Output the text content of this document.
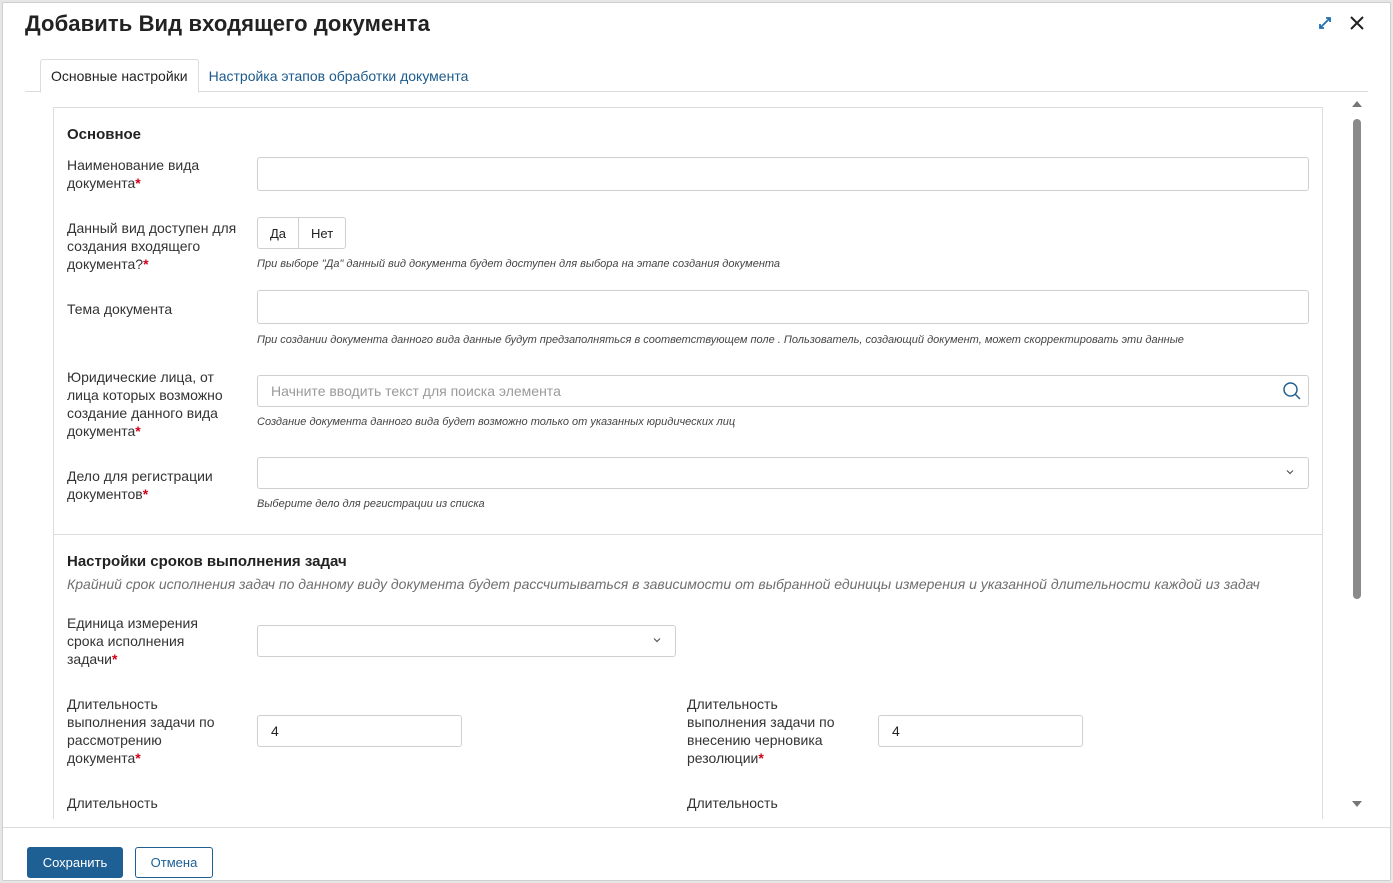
Добавить Вид входящего документа
Основные настройки	Настройка этапов обработки документа
Основное
Наименование вида документа*
Данный вид доступен для создания входящего документа?*
Да	Нет
При выборе "Да" данный вид документа будет доступен для выбора на этапе создания документа
Тема документа
При создании документа данного вида данные будут предзаполняться в соответствующем поле . Пользователь, создающий документ, может скорректировать эти данные
Юридические лица, от лица которых возможно создание данного вида документа*
Начните вводить текст для поиска элемента
Создание документа данного вида будет возможно только от указанных юридических лиц
Дело для регистрации документов*
Выберите дело для регистрации из списка
Настройки сроков выполнения задач
Крайний срок исполнения задач по данному виду документа будет рассчитываться в зависимости от выбранной единицы измерения и указанной длительности каждой из задач
Единица измерения срока исполнения задачи*
Длительность выполнения задачи по рассмотрению документа*
4
Длительность выполнения задачи по внесению черновика резолюции*
4
Длительность	Длительность
Сохранить	Отмена
